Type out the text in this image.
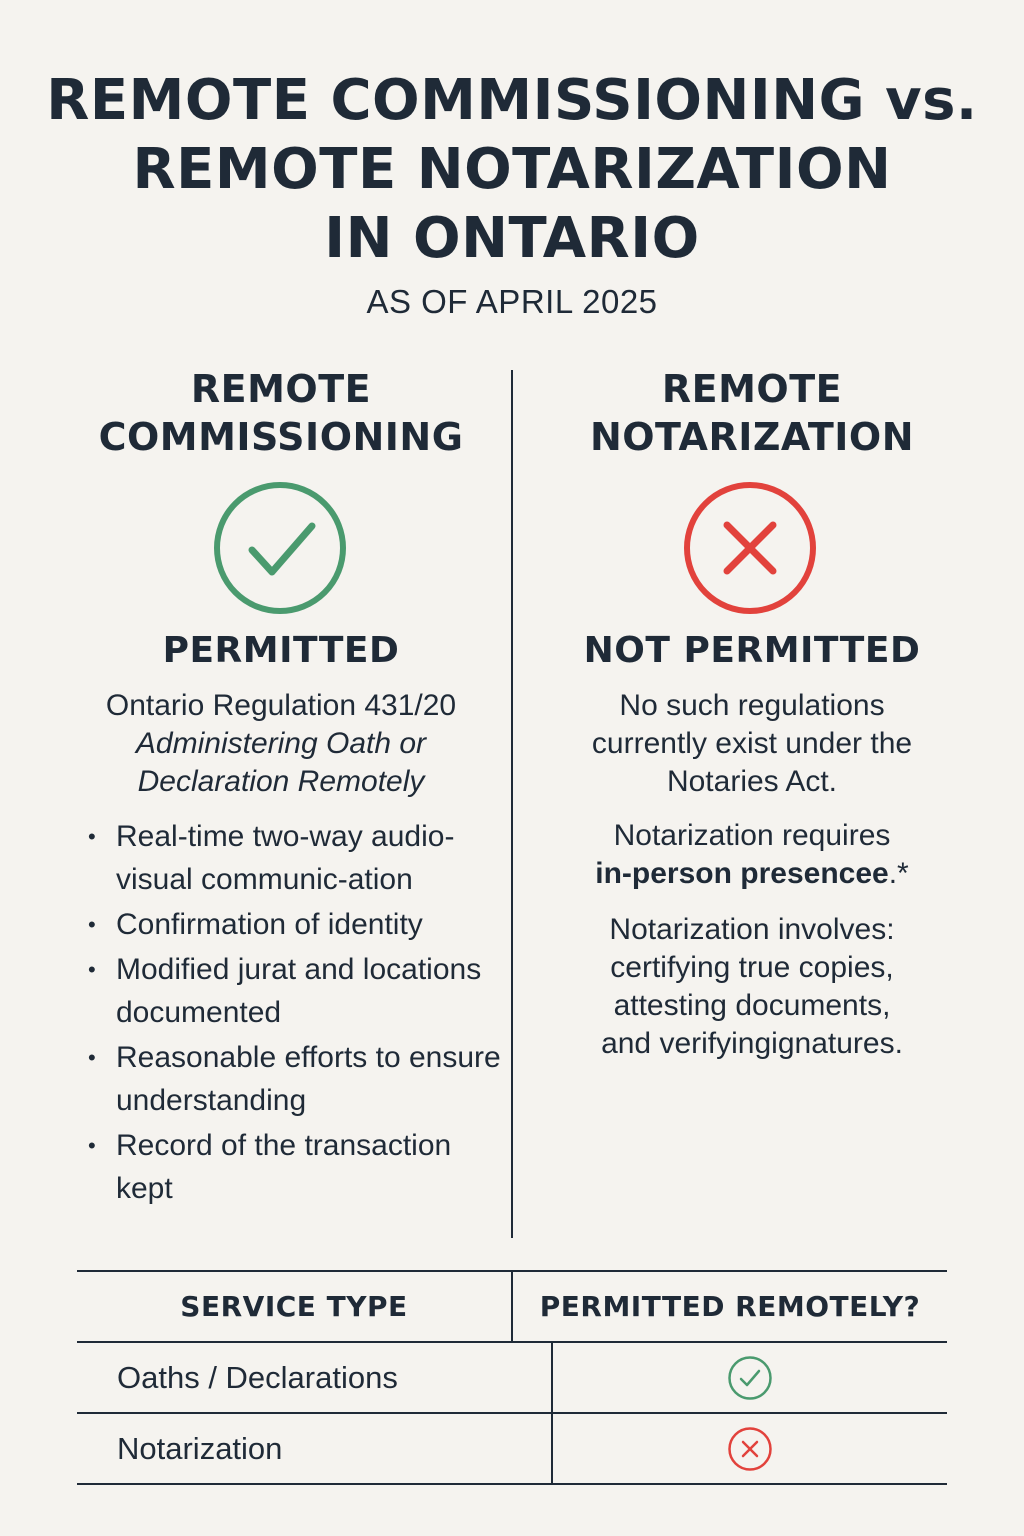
REMOTE COMMISSIONING vs.
REMOTE NOTARIZATION
IN ONTARIO
AS OF APRIL 2025
REMOTE
COMMISSIONING
PERMITTED
Ontario Regulation 431/20
Administering Oath or
Declaration Remotely
• Real-time two-way audio-visual communic-ation
• Confirmation of identity
• Modified jurat and locations documented
• Reasonable efforts to ensure understanding
• Record of the transaction kept
REMOTE
NOTARIZATION
NOT PERMITTED
No such regulations
currently exist under the
Notaries Act.
Notarization requires
in-person presencee.*
Notarization involves:
certifying true copies,
attesting documents,
and verifyingignatures.
SERVICE TYPE	PERMITTED REMOTELY?
Oaths / Declarations
Notarization
